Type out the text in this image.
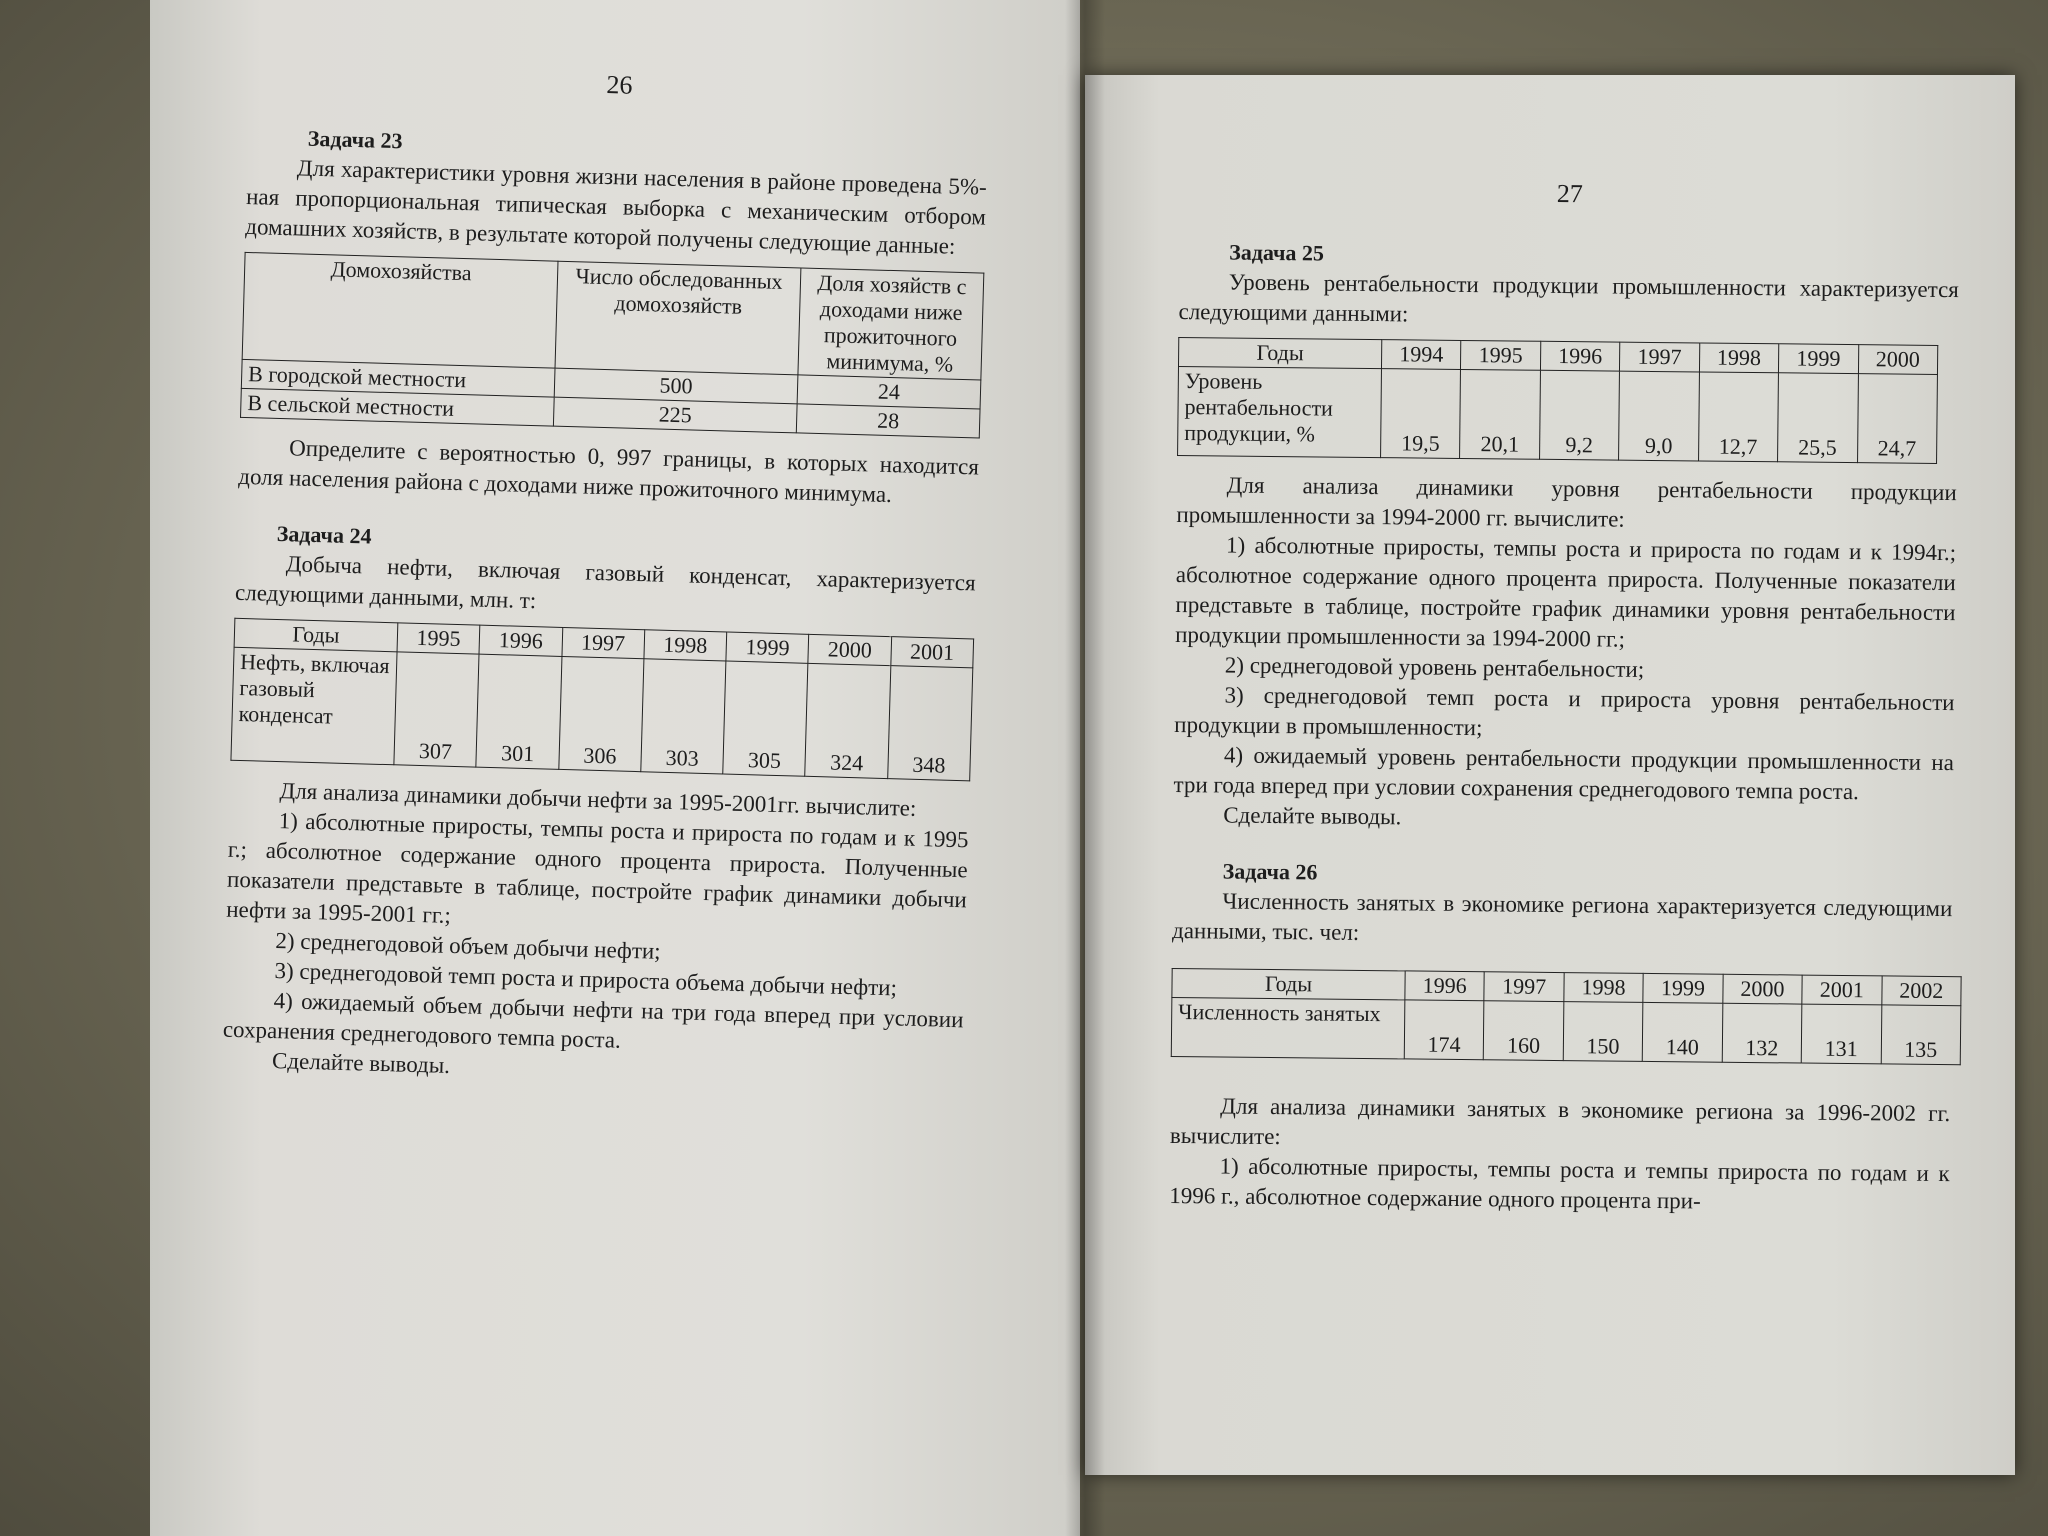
26
Задача 23

Для характеристики уровня жизни населения в районе проведена 5%-ная пропорциональная типическая выборка с механическим отбором домашних хозяйств, в результате которой получены следующие данные:

Домохозяйства	Число обследованных домохозяйств	Доля хозяйств с доходами ниже прожиточного минимума, %
В городской местности	500	24
В сельской местности	225	28

Определите с вероятностью 0, 997 границы, в которых находится доля населения района с доходами ниже прожиточного минимума.

Задача 24

Добыча нефти, включая газовый конденсат, характеризуется следующими данными, млн. т:

Годы	1995	1996	1997	1998	1999	2000	2001
Нефть, включая газовый конденсат	307	301	306	303	305	324	348

Для анализа динамики добычи нефти за 1995-2001гг. вычислите:

1) абсолютные приросты, темпы роста и прироста по годам и к 1995 г.; абсолютное содержание одного процента прироста. Полученные показатели представьте в таблице, постройте график динамики добычи нефти за 1995-2001 гг.;

2) среднегодовой объем добычи нефти;

3) среднегодовой темп роста и прироста объема добычи нефти;

4) ожидаемый объем добычи нефти на три года вперед при условии сохранения среднегодового темпа роста.

Сделайте выводы.

27
Задача 25

Уровень рентабельности продукции промышленности характеризуется следующими данными:

Годы	1994	1995	1996	1997	1998	1999	2000
Уровень рентабельности продукции, %	19,5	20,1	9,2	9,0	12,7	25,5	24,7

Для анализа динамики уровня рентабельности продукции промышленности за 1994-2000 гг. вычислите:

1) абсолютные приросты, темпы роста и прироста по годам и к 1994г.; абсолютное содержание одного процента прироста. Полученные показатели представьте в таблице, постройте график динамики уровня рентабельности продукции промышленности за 1994-2000 гг.;

2) среднегодовой уровень рентабельности;

3) среднегодовой темп роста и прироста уровня рентабельности продукции в промышленности;

4) ожидаемый уровень рентабельности продукции промышленности на три года вперед при условии сохранения среднегодового темпа роста.

Сделайте выводы.

Задача 26

Численность занятых в экономике региона характеризуется следующими данными, тыс. чел:

Годы	1996	1997	1998	1999	2000	2001	2002
Численность занятых	174	160	150	140	132	131	135

Для анализа динамики занятых в экономике региона за 1996-2002 гг. вычислите:

1) абсолютные приросты, темпы роста и темпы прироста по годам и к 1996 г., абсолютное содержание одного процента при-
